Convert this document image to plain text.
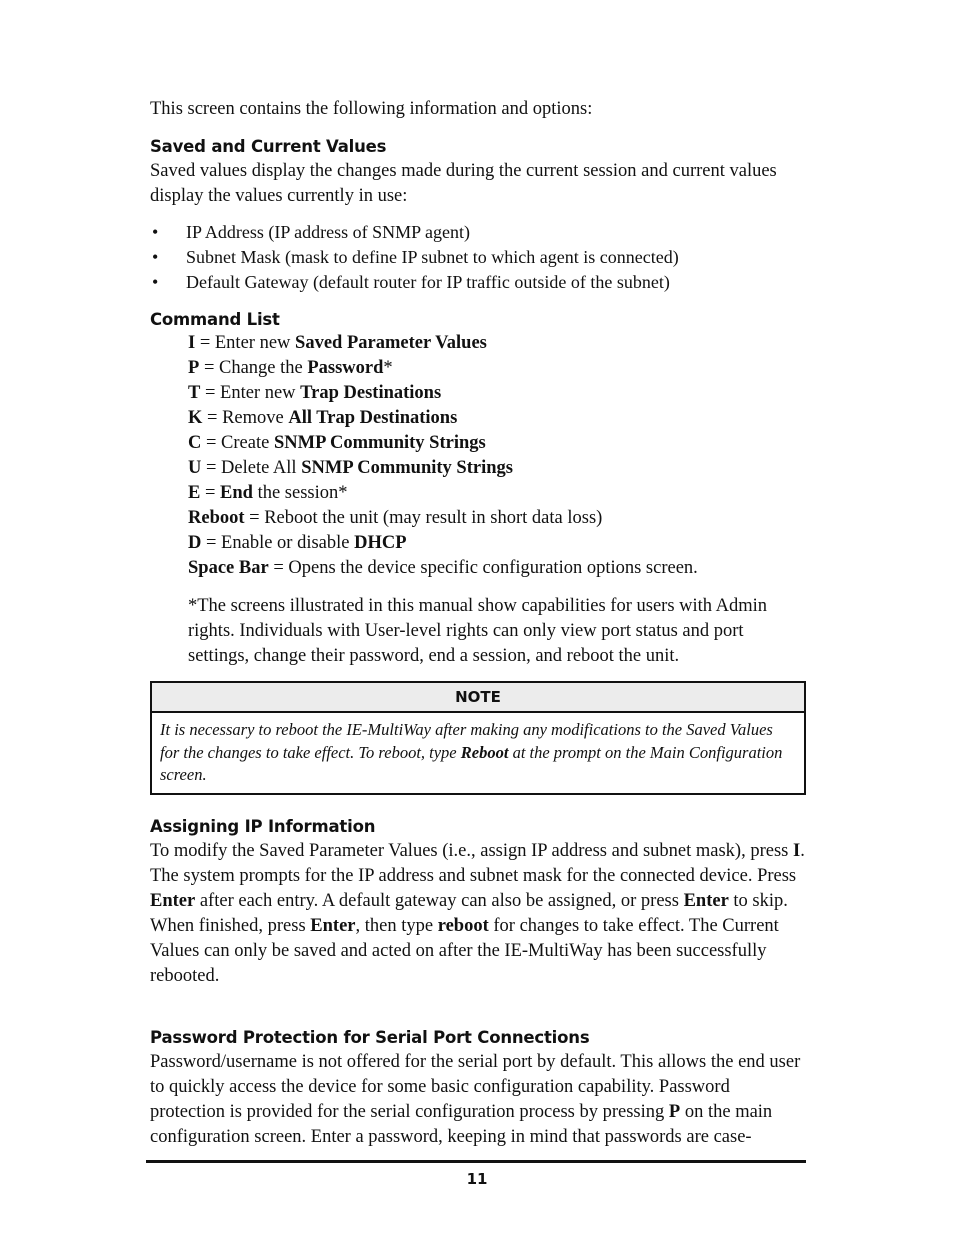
This screen contains the following information and options:

Saved and Current Values

Saved values display the changes made during the current session and current values display the values currently in use:

• IP Address (IP address of SNMP agent)
• Subnet Mask (mask to define IP subnet to which agent is connected)
• Default Gateway (default router for IP traffic outside of the subnet)
Command List
I = Enter new Saved Parameter Values
P = Change the Password*
T = Enter new Trap Destinations
K = Remove All Trap Destinations
C = Create SNMP Community Strings
U = Delete All SNMP Community Strings
E = End the session*
Reboot = Reboot the unit (may result in short data loss)
D = Enable or disable DHCP
Space Bar = Opens the device specific configuration options screen.

*The screens illustrated in this manual show capabilities for users with Admin rights. Individuals with User-level rights can only view port status and port settings, change their password, end a session, and reboot the unit.

NOTE
It is necessary to reboot the IE-MultiWay after making any modifications to the Saved Values for the changes to take effect. To reboot, type Reboot at the prompt on the Main Configuration screen.
Assigning IP Information

To modify the Saved Parameter Values (i.e., assign IP address and subnet mask), press I. The system prompts for the IP address and subnet mask for the connected device. Press Enter after each entry. A default gateway can also be assigned, or press Enter to skip. When finished, press Enter, then type reboot for changes to take effect. The Current Values can only be saved and acted on after the IE-MultiWay has been successfully rebooted.

Password Protection for Serial Port Connections

Password/username is not offered for the serial port by default. This allows the end user to quickly access the device for some basic configuration capability. Password protection is provided for the serial configuration process by pressing P on the main configuration screen. Enter a password, keeping in mind that passwords are case-

11
